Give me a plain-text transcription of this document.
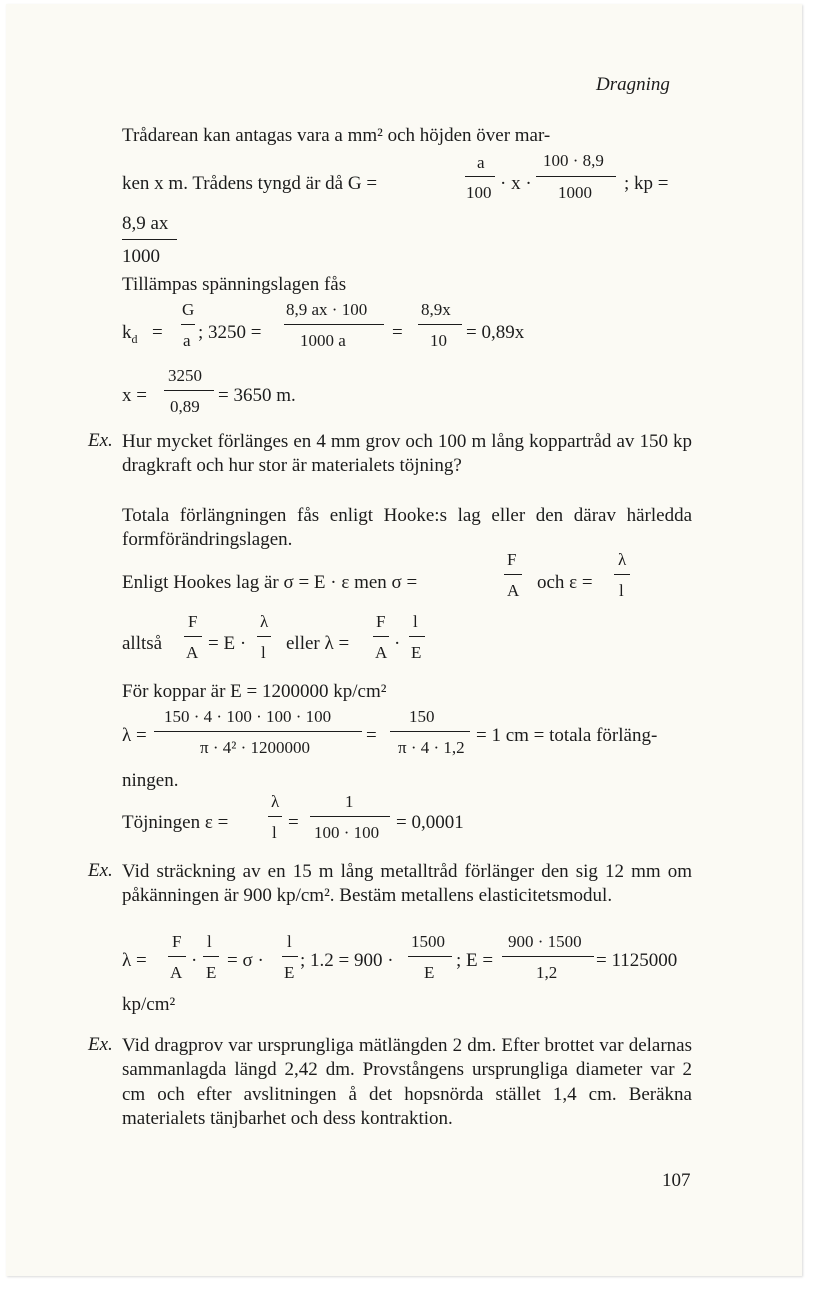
Dragning
Trådarean kan antagas vara a mm² och höjden över mar-
ken x m. Trådens tyngd är då G =
a
100 · x ·
100 · 8,9
1000 ; kp =
8,9 ax
1000
Tillämpas spänningslagen fås
$k_d$ =
G
a ; 3250 =
8,9 ax · 100
1000 a =
8,9x
10 = 0,89x
x =
3250
0,89
= 3650 m.
Ex. Hur mycket förlänges en 4 mm grov och 100 m lång koppartråd av 150 kp dragkraft och hur stor är materialets töjning?
Totala förlängningen fås enligt Hooke:s lag eller den därav härledda formförändringslagen.
Enligt Hookes lag är σ = E · ε men σ =
F
A och ε =
λ
l
alltså
F
A = E ·
λ
l eller λ =
F
A ·
l
E
För koppar är E = 1200000 kp/cm²
λ =
150 · 4 · 100 · 100 · 100
π · 4² · 1200000
=
150
π · 4 · 1,2
= 1 cm = totala förläng-
ningen.
Töjningen ε =
λ
l =
1
100 · 100 = 0,0001
Ex. Vid sträckning av en 15 m lång metalltråd förlänger den sig 12 mm om påkänningen är 900 kp/cm². Bestäm metallens elasticitetsmodul.
λ =
F
A
·
l
E
= σ ·
l
E
; 1.2 = 900 ·
1500
E
; E =
900 · 1500
1,2
= 1125000
kp/cm²
Ex. Vid dragprov var ursprungliga mätlängden 2 dm. Efter brottet var delarnas sammanlagda längd 2,42 dm. Provstångens ursprungliga diameter var 2 cm och efter avslitningen å det hopsnörda stället 1,4 cm. Beräkna materialets tänjbarhet och dess kontraktion.
107
